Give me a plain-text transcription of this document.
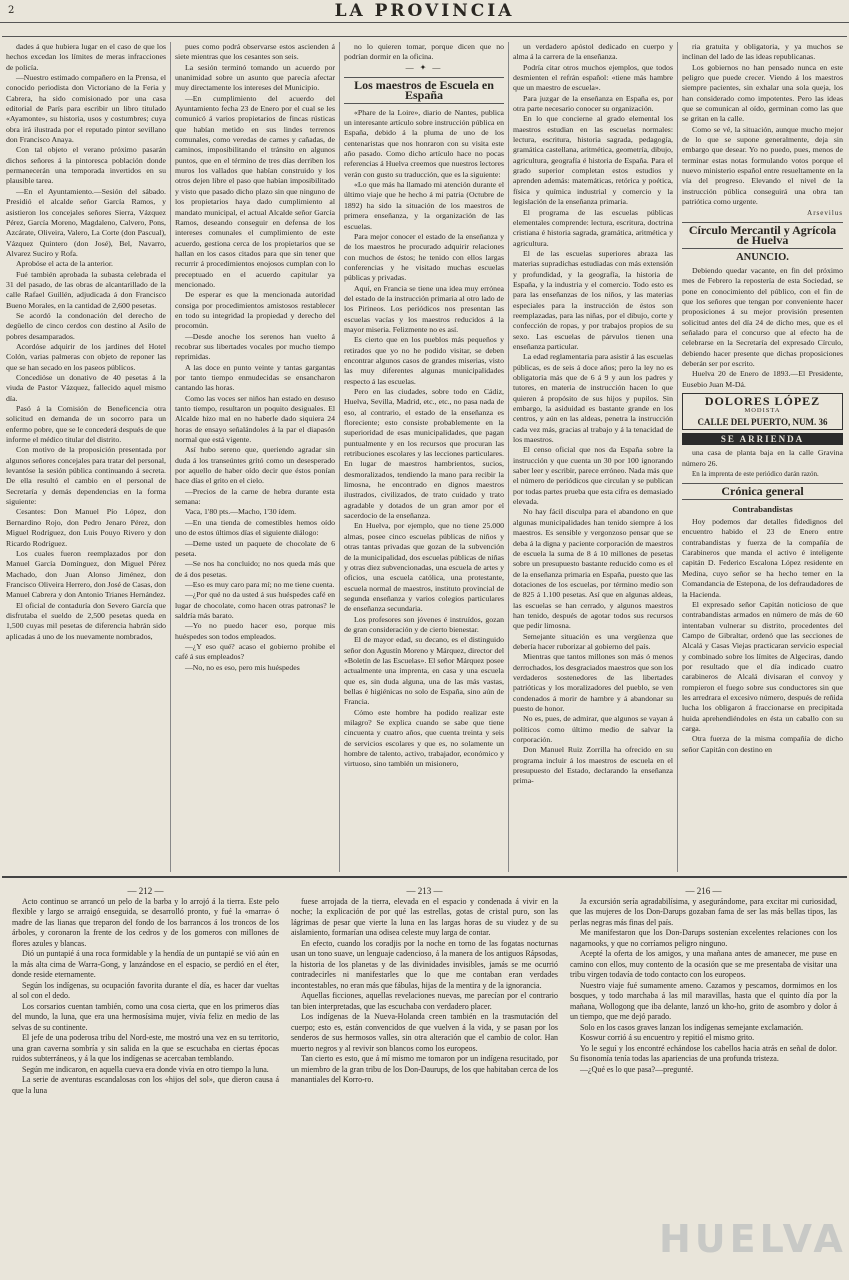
2	LA PROVINCIA

dades á que hubiera lugar en el caso de que los hechos excedan los límites de meras infracciones de policía.

—Nuestro estimado compañero en la Prensa, el conocido periodista don Victoriano de la Feria y Cabrera, ha sido comisionado por una casa editorial de París para escribir un libro titulado «Ayamonte», su historia, usos y costumbres; cuya obra irá ilustrada por el reputado pintor sevillano don Francisco Anaya.

Con tal objeto el verano próximo pasarán dichos señores á la pintoresca población donde permanecerán una temporada invertidos en su plausible tarea.

—En el Ayuntamiento.—Sesión del sábado. Presidió el alcalde señor García Ramos, y asistieron los concejales señores Sierra, Vázquez Pérez, García Moreno, Magdaleno, Calvero, Pons, Azcárate, Oliveira, Valero, La Corte (don Pascual), Vázquez Quintero (don José), Bel, Navarro, Alvarez Suciro y Rofa.

Aprobóse el acta de la anterior.

Fué también aprobada la subasta celebrada el 31 del pasado, de las obras de alcantarillado de la calle Rafael Guillén, adjudicada á don Francisco Bueno Morales, en la cantidad de 2,600 pesetas.

Se acordó la condonación del derecho de degüello de cinco cerdos con destino al Asilo de pobres desamparados.

Acordóse adquirir de los jardines del Hotel Colón, varias palmeras con objeto de reponer las que se han secado en los paseos públicos.

Concedióse un donativo de 40 pesetas á la viuda de Pastor Vázquez, fallecido aquel mismo día.

Pasó á la Comisión de Beneficencia otra solicitud en demanda de un socorro para un enfermo pobre, que se le concederá después de que informe el médico titular del distrito.

Con motivo de la proposición presentada por algunos señores concejales para tratar del personal, levantóse la sesión pública continuando á secreta. De ella resultó el cambio en el personal de Secretaría y demás dependencias en la forma siguiente:

Cesantes: Don Manuel Pío López, don Bernardino Rojo, don Pedro Jenaro Pérez, don Miguel Rodríguez, don Luis Pouyo Rivero y don Ricardo Rodríguez.

Los cuales fueron reemplazados por don Manuel García Domínguez, don Miguel Pérez Machado, don Juan Alonso Jiménez, don Francisco Oliveira Herrero, don José de Casas, don Manuel Cabrera y don Antonio Trianes Hernández.

El oficial de contaduría don Severo García que disfrutaba el sueldo de 2,500 pesetas queda en 1,500 cuyas mil pesetas de diferencia habrán sido aplicadas á uno de los nuevamente nombrados,

pues como podrá observarse estos ascienden á siete mientras que los cesantes son seis.

La sesión terminó tomando un acuerdo por unanimidad sobre un asunto que parecía afectar muy directamente los intereses del Municipio.

—En cumplimiento del acuerdo del Ayuntamiento fecha 23 de Enero por el cual se les comunicó á varios propietarios de fincas rústicas que habían metido en sus lindes terrenos comunales, como veredas de carnes y cañadas, de caminos, imposibilitando el tránsito en algunos puntos, que en el término de tres días derriben los muros los vallados que habían construido y los otros dejen libre el paso que habían imposibilitado y visto que pasado dicho plazo sin que ninguno de los propietarios haya dado cumplimiento al mandato municipal, el actual Alcalde señor García Ramos, deseando conseguir en defensa de los intereses comunales el cumplimiento de este acuerdo, gestiona cerca de los propietarios que se hallan en los casos citados para que sin tener que recurrir á procedimientos enojosos cumplan con lo preceptuado en el acuerdo capitular ya mencionado.

De esperar es que la mencionada autoridad consiga por procedimientos amistosos restablecer en todo su integridad la propiedad y derecho del procomún.

—Desde anoche los serenos han vuelto á recobrar sus libertades vocales por mucho tiempo reprimidas.

A las doce en punto veinte y tantas gargantas por tanto tiempo enmudecidas se ensancharon cantando las horas.

Como las voces ser niños han estado en desuso tanto tiempo, resultaron un poquito desiguales. El Alcalde hizo mal en no haberle dado siquiera 24 horas de ensayo señalándoles á la par el diapasón normal que está vigente.

Así hubo sereno que, queriendo agradar sin duda á los transeúntes gritó como un desesperado por aquello de haber oído decir que éstos ponían hace días el grito en el cielo.

—Precios de la carne de hebra durante esta semana:

Vaca, 1'80 pts.—Macho, 1'30 ídem.

—En una tienda de comestibles hemos oído uno de estos últimos días el siguiente diálogo:

—Deme usted un paquete de chocolate de 6 peseta.

—Se nos ha concluido; no nos queda más que de á dos pesetas.

—Eso es muy caro para mí; no me tiene cuenta.

—¿Por qué no da usted á sus huéspedes café en lugar de chocolate, como hacen otras patronas? le saldría más barato.

—Yo no puedo hacer eso, porque mis huéspedes son todos empleados.

—¿Y eso qué? acaso el gobierno prohibe el café á sus empleados?

—No, no es eso, pero mis huéspedes

no lo quieren tomar, porque dicen que no podrían dormir en la oficina.

— ✦ —
Los maestros de Escuela en España

«Phare de la Loire», diario de Nantes, publica un interesante artículo sobre instrucción pública en España, debido á la pluma de uno de los centenaristas que nos honraron con su visita este año pasado. Como dicho artículo hace no pocas referencias á Huelva creemos que nuestros lectores verán con gusto su traducción, que es la siguiente:

«Lo que más ha llamado mi atención durante el último viaje que he hecho á mi patria (Octubre de 1892) ha sido la situación de los maestros de primera enseñanza, y la organización de las escuelas.

Para mejor conocer el estado de la enseñanza y de los maestros he procurado adquirir relaciones con muchos de éstos; he tenido con ellos largas conferencias y he visitado muchas escuelas públicas y privadas.

Aquí, en Francia se tiene una idea muy errónea del estado de la instrucción primaria al otro lado de los Pirineos. Los periódicos nos presentan las escuelas vacías y los maestros reducidos á la mayor miseria. Felizmente no es así.

Es cierto que en los pueblos más pequeños y retirados que yo no he podido visitar, se deben encontrar algunos casos de grandes miserias, visto las muy diferentes algunas municipalidades respecto á las escuelas.

Pero en las ciudades, sobre todo en Cádiz, Huelva, Sevilla, Madrid, etc., etc., no pasa nada de eso, al contrario, el estado de la enseñanza es floreciente; esto consiste probablemente en la superioridad de esas municipalidades, que pagan puntualmente y en los recursos que procuran las retribuciones escolares y las lecciones particulares. En lugar de maestros hambrientos, sucios, desmoralizados, tendiendo la mano para recibir la limosna, he encontrado en dignos maestros ilustrados, civilizados, de trato cuidado y trato agradable y dotados de un gran amor por el sacerdocio de la enseñanza.

En Huelva, por ejemplo, que no tiene 25.000 almas, posee cinco escuelas públicas de niños y otras tantas privadas que gozan de la subvención de la municipalidad, dos escuelas públicas de niñas y otras diez subvencionadas, una escuela de artes y oficios, una escuela católica, una protestante, escuela normal de maestros, instituto provincial de segunda enseñanza y varios colegios particulares de enseñanza secundaria.

Los profesores son jóvenes é instruídos, gozan de gran consideración y de cierto bienestar.

El de mayor edad, su decano, es el distinguido señor don Agustín Moreno y Márquez, director del «Boletín de las Escuelas». El señor Márquez posee actualmente una imprenta, en casa y una escuela que es, sin duda alguna, una de las más vastas, bellas é higiénicas no solo de España, sino aún de Francia.

Cómo este hombre ha podido realizar este milagro? Se explica cuando se sabe que tiene cincuenta y cuatro años, que cuenta treinta y seis de servicios escolares y que es, no solamente un hombre de talento, activo, trabajador, económico y virtuoso, sino también un misionero,

un verdadero apóstol dedicado en cuerpo y alma á la carrera de la enseñanza.

Podría citar otros muchos ejemplos, que todos desmienten el refrán español: «tiene más hambre que un maestro de escuela».

Para juzgar de la enseñanza en España es, por otra parte necesario conocer su organización.

En lo que concierne al grado elemental los maestros estudian en las escuelas normales: lectura, escritura, historia sagrada, pedagogía, gramática castellana, aritmética, geometría, dibujo, agricultura, geografía é historia de España. Para el grado superior completan estos estudios y aprenden además: matemáticas, retórica y poética, física y química industrial y comercio y la legislación de la enseñanza primaria.

El programa de las escuelas públicas elementales comprende: lectura, escritura, doctrina cristiana é historia sagrada, gramática, aritmética y agricultura.

El de las escuelas superiores abraza las materias supradichas estudiadas con más extensión y profundidad, y la geografía, la historia de España, y la industria y el comercio. Todo esto es para las enseñanzas de los niños, y las materias especiales para la instrucción de éstos son reemplazadas, para las niñas, por el dibujo, corte y confección de ropas, y por trabajos propios de su sexo. Las escuelas de párvulos tienen una enseñanza particular.

La edad reglamentaria para asistir á las escuelas públicas, es de seis á doce años; pero la ley no es obligatoria más que de 6 á 9 y aun los padres y tutores, en materia de instrucción hacen lo que quieren á propósito de sus hijos y pupilos. Sin embargo, la asiduidad es bastante grande en los centros, y aún en las aldeas, penetra la instrucción cada vez más, gracias al trabajo y á la tenacidad de los maestros.

El censo oficial que nos da España sobre la instrucción y que cuenta un 30 por 100 ignorando saber leer y escribir, parece erróneo. Nada más que el número de periódicos que circulan y se publican por todas partes prueba que esta cifra es demasiado elevada.

No hay fácil disculpa para el abandono en que algunas municipalidades han tenido siempre á los maestros. Es sensible y vergonzoso pensar que se deba á la digna y paciente corporación de maestros de escuela la suma de 8 á 10 millones de pesetas sobre un presupuesto bastante reducido como es el de la enseñanza primaria en España, puesto que las dotaciones de los escuelas, por término medio son de 825 á 1.100 pesetas. Así que en algunas aldeas, las escuelas se han cerrado, y algunos maestros han tenido, después de agotar todos sus recursos que pedir limosna.

Semejante situación es una vergüenza que debería hacer ruborizar al gobierno del país.

Mientras que tantos millones son más ó menos derrochados, los desgraciados maestros que son los verdaderos sostenedores de las libertades patrióticas y los moralizadores del pueblo, se ven condenados á morir de hambre y á abandonar su puesto de honor.

No es, pues, de admirar, que algunos se vayan á políticos como último medio de salvar la corporación.

Don Manuel Ruiz Zorrilla ha ofrecido en su programa incluir á los maestros de escuela en el presupuesto del Estado, declarando la enseñanza prima-

ria gratuita y obligatoria, y ya muchos se inclinan del lado de las ideas republicanas.

Los gobiernos no han pensado nunca en este peligro que puede crecer. Viendo á los maestros siempre pacientes, sin exhalar una sola queja, los han considerado como impotentes. Pero las ideas que se comunican al oído, germinan como las que se gritan en la calle.

Como se vé, la situación, aunque mucho mejor de lo que se supone generalmente, deja sin embargo que desear. Yo no puedo, pues, menos de terminar estas notas formulando votos porque el nuevo ministerio español entre resueltamente en la vía del progreso. Elevando el nivel de la instrucción pública conseguirá una obra tan patriótica como urgente.

Arsevilus

Círculo Mercantil y Agrícola de Huelva
ANUNCIO.

Debiendo quedar vacante, en fin del próximo mes de Febrero la repostería de esta Sociedad, se pone en conocimiento del público, con el fin de que los señores que tengan por conveniente hacer proposiciones á su mejor provisión presenten solicitud antes del día 24 de dicho mes, que es el señalado para el concurso que al efecto ha de celebrarse en la Secretaría del expresado Círculo, debiendo hacer presente que dichas proposiciones deberán ser por escrito.

Huelva 20 de Enero de 1893.—El Presidente, Eusebio Juan M-Dá.

DOLORES LÓPEZ
MODISTA
CALLE DEL PUERTO, NUM. 36
SE ARRIENDA

una casa de planta baja en la calle Gravina número 26.

En la imprenta de este periódico darán razón.

Crónica general
Contrabandistas

Hoy podemos dar detalles fidedignos del encuentro habido el 23 de Enero entre contrabandistas y fuerza de la compañía de Carabineros que manda el activo é inteligente capitán D. Federico Escalona López residente en Medina, cuyo señor se ha hecho temer en la Comandancia de Estepona, de los defraudadores de la Hacienda.

El expresado señor Capitán noticioso de que contrabandistas armados en número de más de 60 intentaban vulnerar su distrito, procedentes del Campo de Gibraltar, ordenó que las secciones de Alcalá y Casas Viejas practicaran servicio especial y combinado sobre los límites de Algeciras, dando por resultado que el día indicado cuatro carabineros de Alcalá divisaran el convoy y rompieron el fuego sobre sus conductores sin que les arredrara el excesivo número, después de reñida lucha los obligaron á fraccionarse en precipitada huida aprehendiéndoles en ésta un caballo con su carga.

Otra fuerza de la misma compañía de dicho señor Capitán con destino en

— 212 —

Acto continuo se arrancó un pelo de la barba y lo arrojó á la tierra. Este pelo flexible y largo se arraigó enseguida, se desarrolló pronto, y fué la «marra» ó madre de las lianas que treparon del fondo de los barrancos á los troncos de los árboles, y coronaron la frente de los cedros y de los gomeros con millones de flores azules y blancas.

Dió un puntapié á una roca formidable y la hendía de un puntapié se vió aún en la más alta cima de Warra-Gong, y lanzándose en el espacio, se perdió en el éter, donde reside eternamente.

Según los indígenas, su ocupación favorita durante el día, es hacer dar vueltas al sol con el dedo.

Los corsarios cuentan también, como una cosa cierta, que en los primeros días del mundo, la luna, que era una hermosísima mujer, vivía feliz en medio de las selvas de su continente.

El jefe de una poderosa tribu del Nord-este, me mostró una vez en su territorio, una gran caverna sombría y sin salida en la que se escuchaba en ciertas épocas ruidos subterráneos, y á la que los indígenas se acercaban temblando.

Según me indicaron, en aquella cueva era donde vivía en otro tiempo la luna.

La serie de aventuras escandalosas con los «hijos del sol», que dieron causa á que la luna

— 213 —

fuese arrojada de la tierra, elevada en el espacio y condenada á vivir en la noche; la explicación de por qué las estrellas, gotas de cristal puro, son las lágrimas de pesar que vierte la luna en las largas horas de su viudez y de su aislamiento, formarían una odisea celeste muy larga de contar.

En efecto, cuando los coradjis por la noche en torno de las fogatas nocturnas usan un tono suave, un lenguaje cadencioso, á la manera de los antiguos Rápsodas, la historia de los planetas y de las divinidades invisibles, jamás se me ocurrió contradecirles ni manifestarles que lo que me contaban eran verdades incontestables, no eran más que fábulas, hijas de la mentira y de la ignorancia.

Aquellas ficciones, aquellas revelaciones nuevas, me parecían por el contrario tan bien interpretadas, que las escuchaba con verdadero placer.

Los indígenas de la Nueva-Holanda creen también en la trasmutación del cuerpo; esto es, están convencidos de que vuelven á la vida, y se pasan por los senderos de sus hermosos valles, sin otra alteración que el cambio de color. Han muerto negros y al revivir son blancos como los europeos.

Tan cierto es esto, que á mí mismo me tomaron por un indígena resucitado, por un miembro de la gran tribu de los Don-Daurups, de los que habitaban cerca de los manantiales del Korro-ro.

— 216 —

Ja excursión sería agradabilísima, y asegurándome, para excitar mi curiosidad, que las mujeres de los Don-Darups gozaban fama de ser las más bellas tipos, las perlas negras más finas del país.

Me manifestaron que los Don-Darups sostenían excelentes relaciones con los nagarnooks, y que no corríamos peligro ninguno.

Acepté la oferta de los amigos, y una mañana antes de amanecer, me puse en camino con ellos, muy contento de la ocasión que se me presentaba de visitar una tribu virgen todavía de todo contacto con los europeos.

Nuestro viaje fué sumamente ameno. Cazamos y pescamos, dormimos en los bosques, y todo marchaba á las mil maravillas, hasta que el quinto día por la mañana, Wollogong que iba delante, lanzó un kho-ho, grito de asombro y dolor á un tiempo, que me dejó parado.

Solo en los casos graves lanzan los indígenas semejante exclamación.

Koswur corrió á su encuentro y repitió el mismo grito.

Yo le seguí y los encontré echándose los cabellos hacia atrás en señal de dolor. Su fisonomía tenía todas las apariencias de una profunda tristeza.

—¿Qué es lo que pasa?—pregunté.

HUELVA
